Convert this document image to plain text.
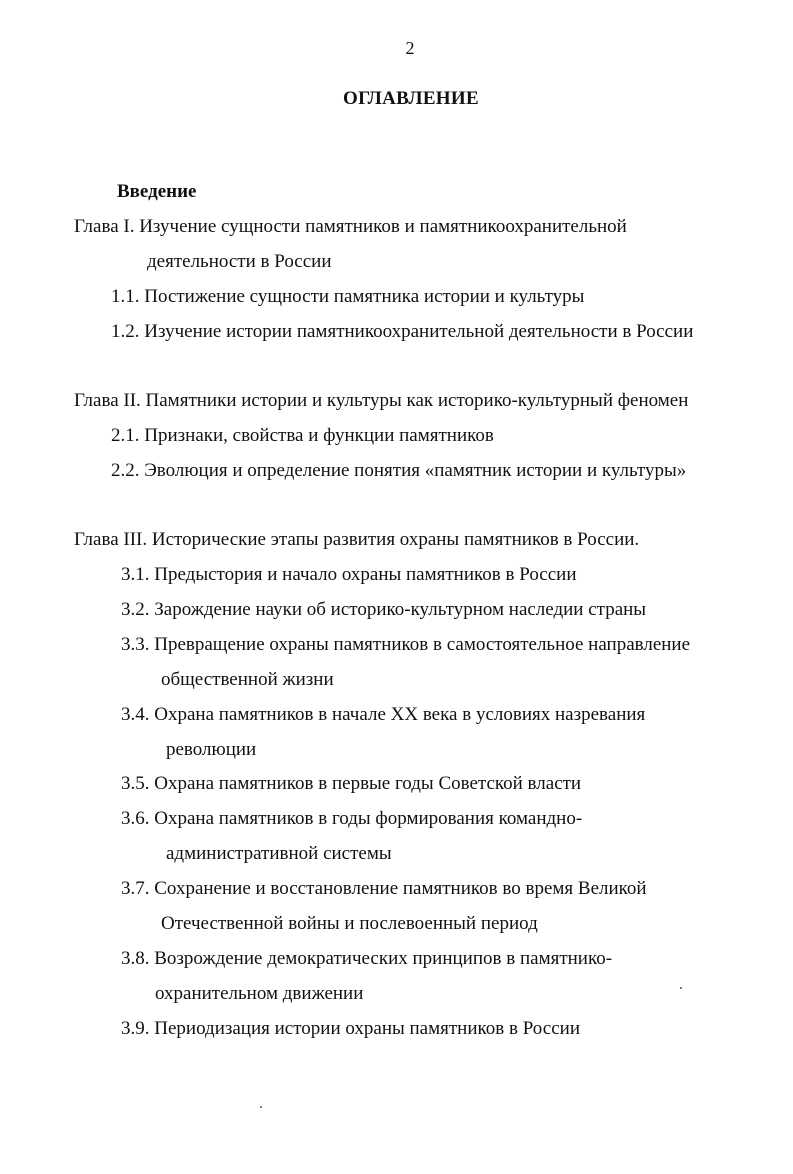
2
ОГЛАВЛЕНИЕ
Введение
Глава I. Изучение сущности памятников и памятникоохранительной
деятельности в России
1.1. Постижение сущности памятника истории и культуры
1.2. Изучение истории памятникоохранительной деятельности в России
Глава II. Памятники истории и культуры как историко-культурный феномен
2.1. Признаки, свойства и функции памятников
2.2. Эволюция и определение понятия «памятник истории и культуры»
Глава III. Исторические этапы развития охраны памятников в России.
3.1. Предыстория и начало охраны памятников в России
3.2. Зарождение науки об историко-культурном наследии страны
3.3. Превращение охраны памятников в самостоятельное направление
общественной жизни
3.4. Охрана памятников в начале XX века в условиях назревания
революции
3.5. Охрана памятников в первые годы Советской власти
3.6. Охрана памятников в годы формирования командно-
административной системы
3.7. Сохранение и восстановление памятников во время Великой
Отечественной войны и послевоенный период
3.8. Возрождение демократических принципов в памятнико-
охранительном движении
3.9. Периодизация истории охраны памятников в России
